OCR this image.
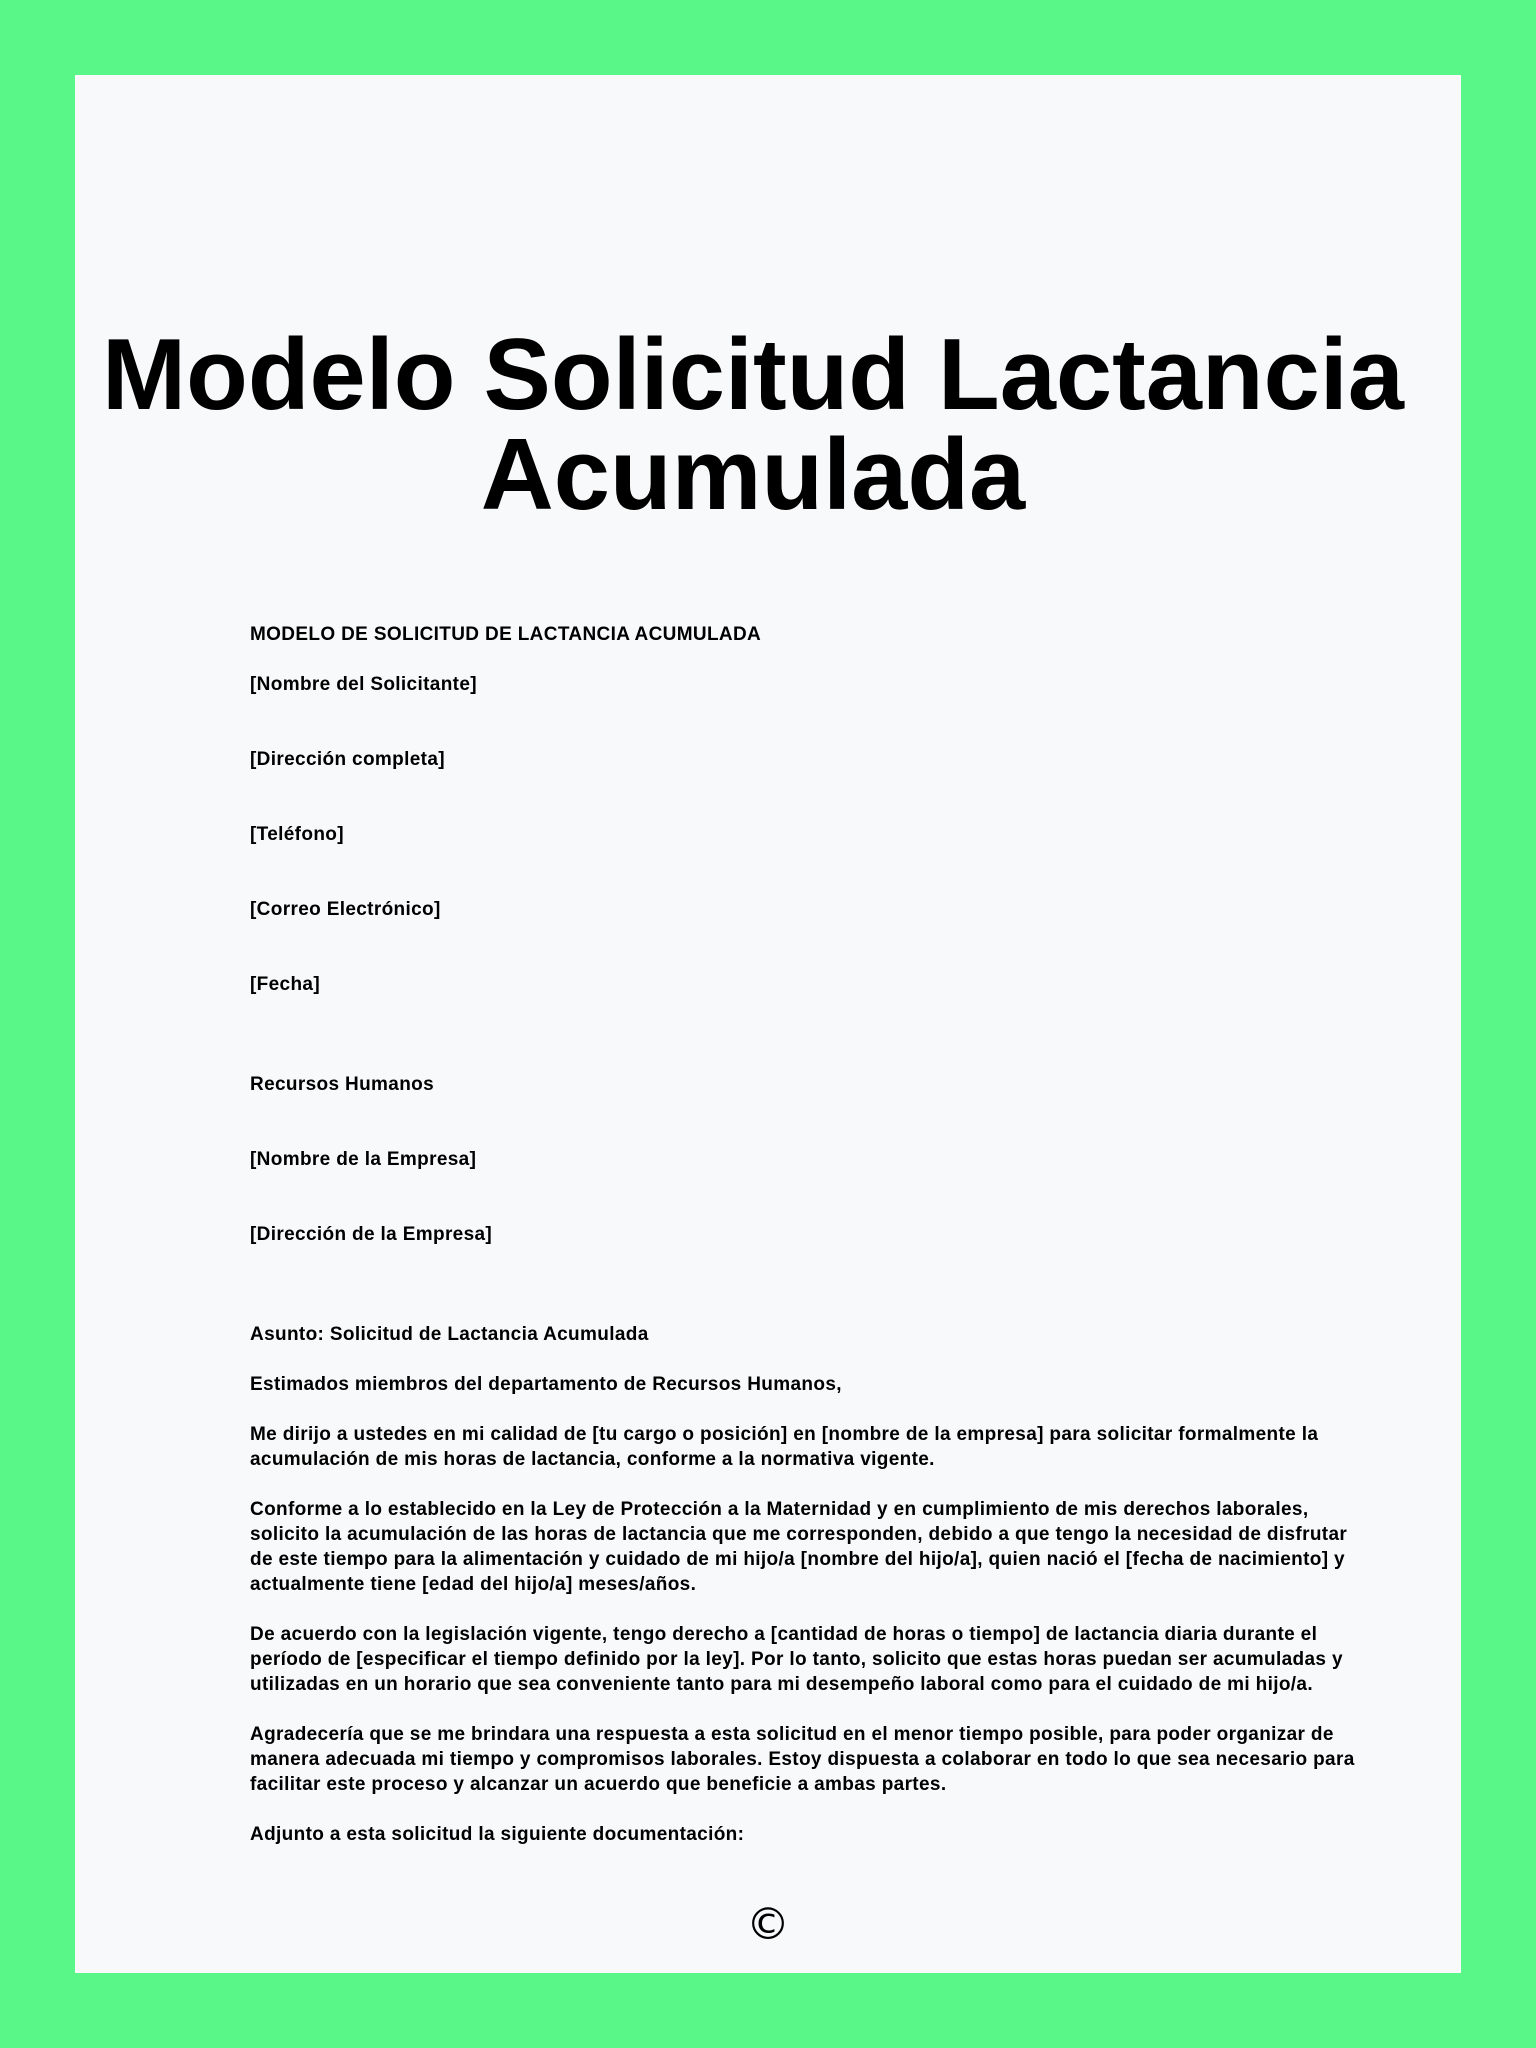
Modelo Solicitud Lactancia Acumulada

MODELO DE SOLICITUD DE LACTANCIA ACUMULADA

[Nombre del Solicitante]

[Dirección completa]

[Teléfono]

[Correo Electrónico]

[Fecha]

Recursos Humanos

[Nombre de la Empresa]

[Dirección de la Empresa]

Asunto: Solicitud de Lactancia Acumulada

Estimados miembros del departamento de Recursos Humanos,

Me dirijo a ustedes en mi calidad de [tu cargo o posición] en [nombre de la empresa] para solicitar formalmente la acumulación de mis horas de lactancia, conforme a la normativa vigente.

Conforme a lo establecido en la Ley de Protección a la Maternidad y en cumplimiento de mis derechos laborales, solicito la acumulación de las horas de lactancia que me corresponden, debido a que tengo la necesidad de disfrutar de este tiempo para la alimentación y cuidado de mi hijo/a [nombre del hijo/a], quien nació el [fecha de nacimiento] y actualmente tiene [edad del hijo/a] meses/años.

De acuerdo con la legislación vigente, tengo derecho a [cantidad de horas o tiempo] de lactancia diaria durante el período de [especificar el tiempo definido por la ley]. Por lo tanto, solicito que estas horas puedan ser acumuladas y utilizadas en un horario que sea conveniente tanto para mi desempeño laboral como para el cuidado de mi hijo/a.

Agradecería que se me brindara una respuesta a esta solicitud en el menor tiempo posible, para poder organizar de manera adecuada mi tiempo y compromisos laborales. Estoy dispuesta a colaborar en todo lo que sea necesario para facilitar este proceso y alcanzar un acuerdo que beneficie a ambas partes.

Adjunto a esta solicitud la siguiente documentación:

©
